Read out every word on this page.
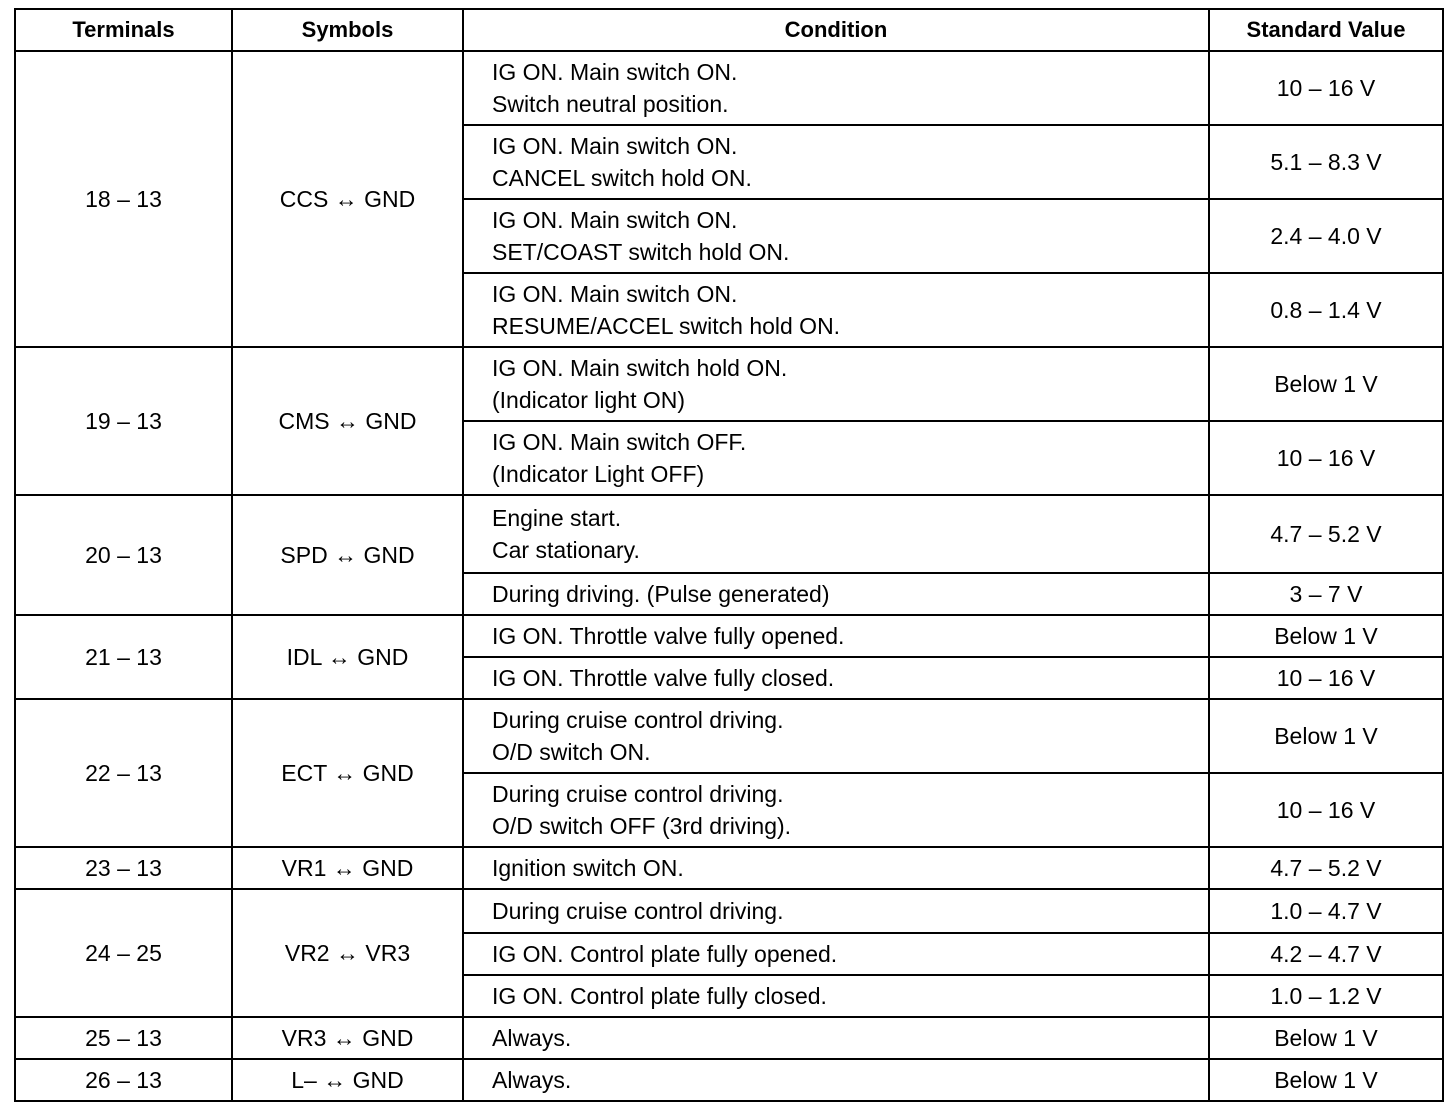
Terminals	Symbols	Condition	Standard Value
18 – 13	CCS ↔ GND	IG ON. Main switch ON.
Switch neutral position.	10 – 16 V

		IG ON. Main switch ON.
CANCEL switch hold ON.	5.1 – 8.3 V

		IG ON. Main switch ON.
SET/COAST switch hold ON.	2.4 – 4.0 V

		IG ON. Main switch ON.
RESUME/ACCEL switch hold ON.	0.8 – 1.4 V
19 – 13	CMS ↔ GND	IG ON. Main switch hold ON.
(Indicator light ON)	Below 1 V

		IG ON. Main switch OFF.
(Indicator Light OFF)	10 – 16 V
20 – 13	SPD ↔ GND	Engine start.
Car stationary.	4.7 – 5.2 V

		During driving. (Pulse generated)	3 – 7 V
21 – 13	IDL ↔ GND	IG ON. Throttle valve fully opened.	Below 1 V

		IG ON. Throttle valve fully closed.	10 – 16 V
22 – 13	ECT ↔ GND	During cruise control driving.
O/D switch ON.	Below 1 V

		During cruise control driving.
O/D switch OFF (3rd driving).	10 – 16 V
23 – 13	VR1 ↔ GND	Ignition switch ON.	4.7 – 5.2 V
24 – 25	VR2 ↔ VR3	During cruise control driving.	1.0 – 4.7 V

		IG ON. Control plate fully opened.	4.2 – 4.7 V

		IG ON. Control plate fully closed.	1.0 – 1.2 V
25 – 13	VR3 ↔ GND	Always.	Below 1 V
26 – 13	L– ↔ GND	Always.	Below 1 V
